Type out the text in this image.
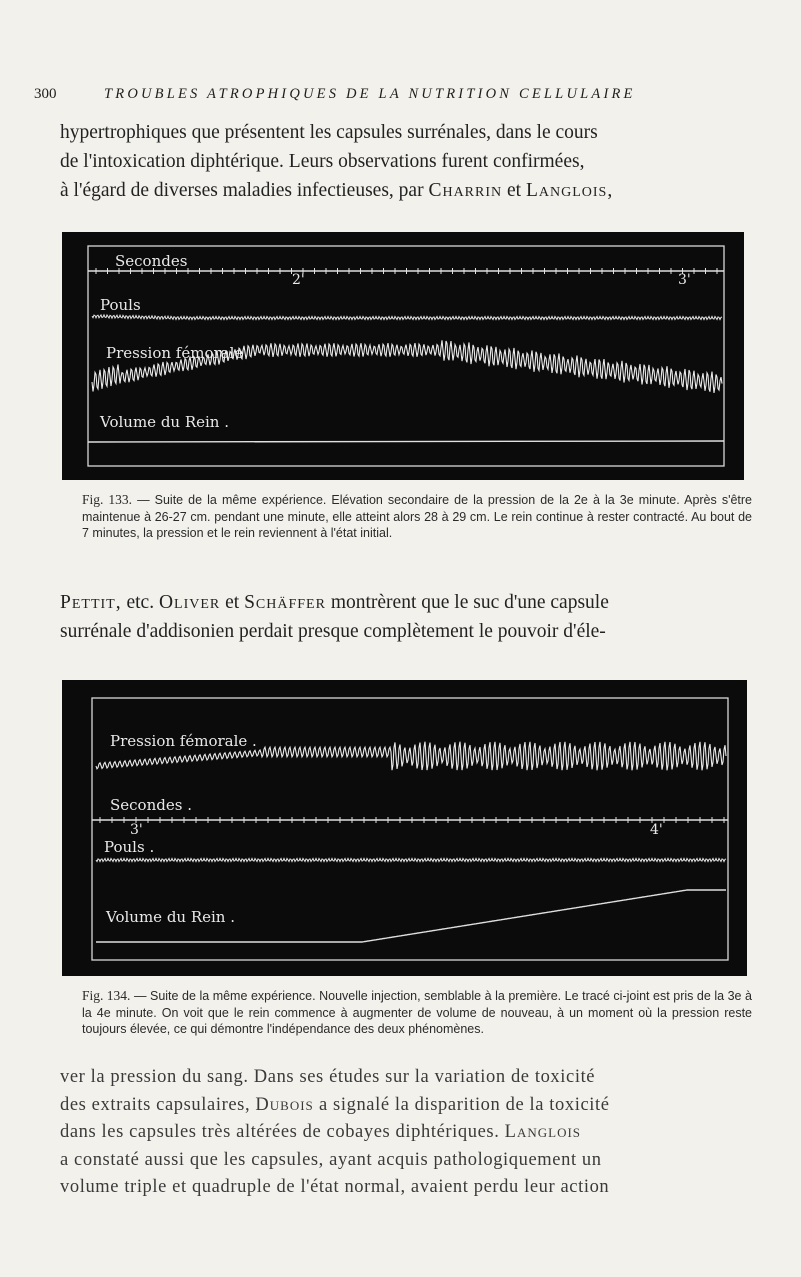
300	TROUBLES ATROPHIQUES DE LA NUTRITION CELLULAIRE

hypertrophiques que présentent les capsules surrénales, dans le cours

de l'intoxication diphtérique. Leurs observations furent confirmées,

à l'égard de diverses maladies infectieuses, par Charrin et Langlois,

Secondes
2'	3'
Pouls
Pression fémorale
Volume du Rein .
Fig. 133. — Suite de la même expérience. Elévation secondaire de la pression de la 2e à la 3e minute. Après s'être maintenue à 26-27 cm. pendant une minute, elle atteint alors 28 à 29 cm. Le rein continue à rester contracté. Au bout de 7 minutes, la pression et le rein reviennent à l'état initial.

Pettit, etc. Oliver et Schäffer montrèrent que le suc d'une capsule

surrénale d'addisonien perdait presque complètement le pouvoir d'éle-

Pression fémorale .
Secondes .
3'	4'
Pouls .
Volume du Rein .
Fig. 134. — Suite de la même expérience. Nouvelle injection, semblable à la première. Le tracé ci-joint est pris de la 3e à la 4e minute. On voit que le rein commence à augmenter de volume de nouveau, à un moment où la pression reste toujours élevée, ce qui démontre l'indépendance des deux phénomènes.

ver la pression du sang. Dans ses études sur la variation de toxicité

des extraits capsulaires, Dubois a signalé la disparition de la toxicité

dans les capsules très altérées de cobayes diphtériques. Langlois

a constaté aussi que les capsules, ayant acquis pathologiquement un

volume triple et quadruple de l'état normal, avaient perdu leur action
